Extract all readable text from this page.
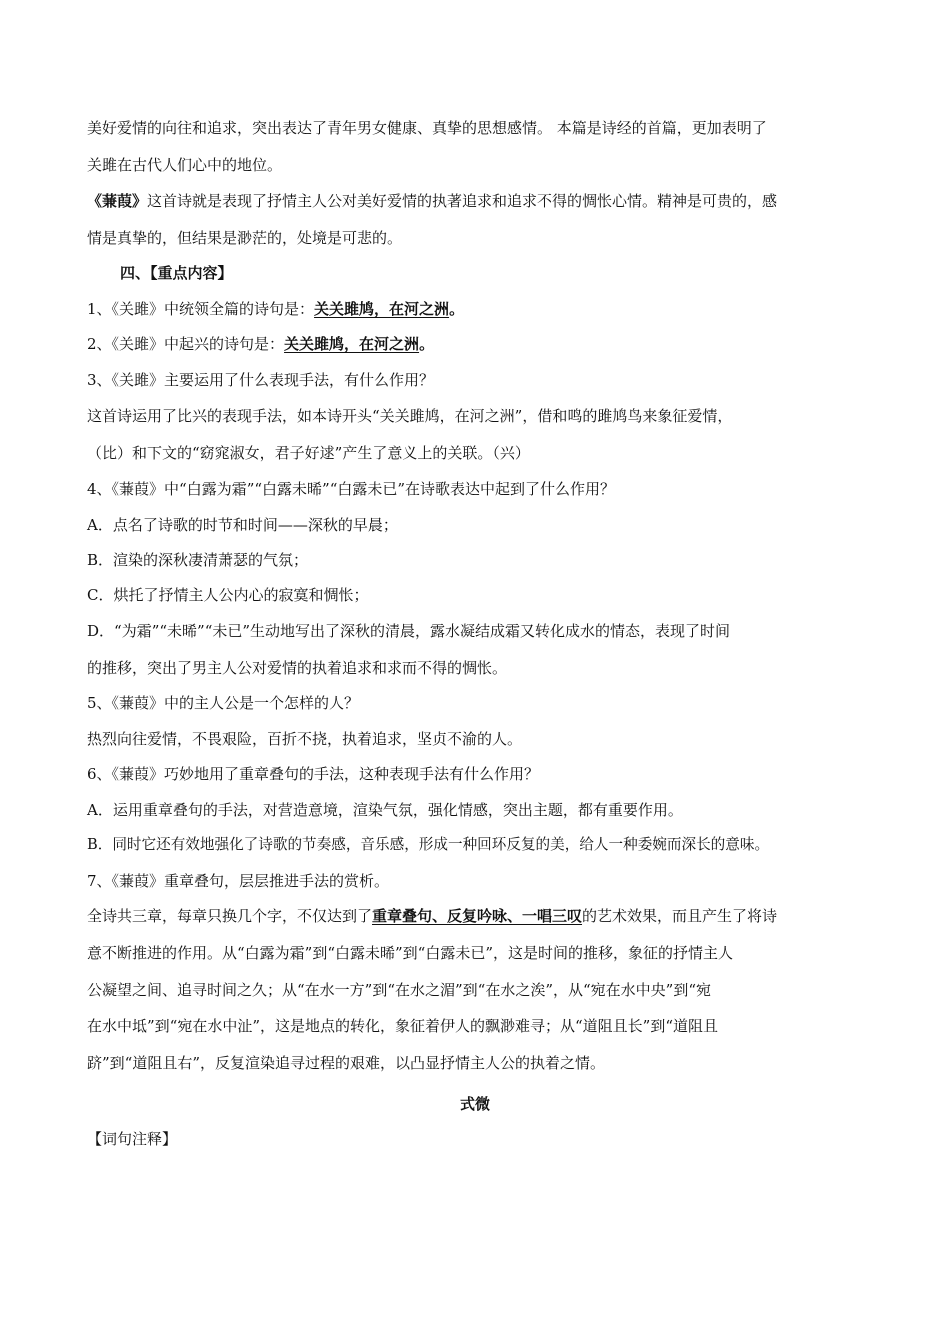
美好爱情的向往和追求，突出表达了青年男女健康、真挚的思想感情。 本篇是诗经的首篇，更加表明了
关雎在古代人们心中的地位。
《蒹葭》这首诗就是表现了抒情主人公对美好爱情的执著追求和追求不得的惆怅心情。精神是可贵的，感
情是真挚的，但结果是渺茫的，处境是可悲的。
四、【重点内容】
1、《关雎》中统领全篇的诗句是：关关雎鸠，在河之洲。
2、《关雎》中起兴的诗句是：关关雎鸠，在河之洲。
3、《关雎》主要运用了什么表现手法，有什么作用？
这首诗运用了比兴的表现手法，如本诗开头“关关雎鸠，在河之洲”，借和鸣的雎鸠鸟来象征爱情，
（比）和下文的“窈窕淑女，君子好逑”产生了意义上的关联。（兴）
4、《蒹葭》中“白露为霜”“白露未晞”“白露未已”在诗歌表达中起到了什么作用？
A．点名了诗歌的时节和时间——深秋的早晨；
B．渲染的深秋凄清萧瑟的气氛；
C．烘托了抒情主人公内心的寂寞和惆怅；
D．“为霜”“未晞”“未已”生动地写出了深秋的清晨，露水凝结成霜又转化成水的情态，表现了时间
的推移，突出了男主人公对爱情的执着追求和求而不得的惆怅。
5、《蒹葭》中的主人公是一个怎样的人？
热烈向往爱情，不畏艰险，百折不挠，执着追求，坚贞不渝的人。
6、《蒹葭》巧妙地用了重章叠句的手法，这种表现手法有什么作用？
A．运用重章叠句的手法，对营造意境，渲染气氛，强化情感，突出主题，都有重要作用。
B．同时它还有效地强化了诗歌的节奏感，音乐感，形成一种回环反复的美，给人一种委婉而深长的意味。
7、《蒹葭》重章叠句，层层推进手法的赏析。
全诗共三章，每章只换几个字，不仅达到了重章叠句、反复吟咏、一唱三叹的艺术效果，而且产生了将诗
意不断推进的作用。从“白露为霜”到“白露未晞”到“白露未已”，这是时间的推移，象征的抒情主人
公凝望之间、追寻时间之久；从“在水一方”到“在水之湄”到“在水之涘”，从“宛在水中央”到“宛
在水中坻”到“宛在水中沚”，这是地点的转化，象征着伊人的飘渺难寻；从“道阻且长”到“道阻且
跻”到“道阻且右”，反复渲染追寻过程的艰难，以凸显抒情主人公的执着之情。
式微
【词句注释】
